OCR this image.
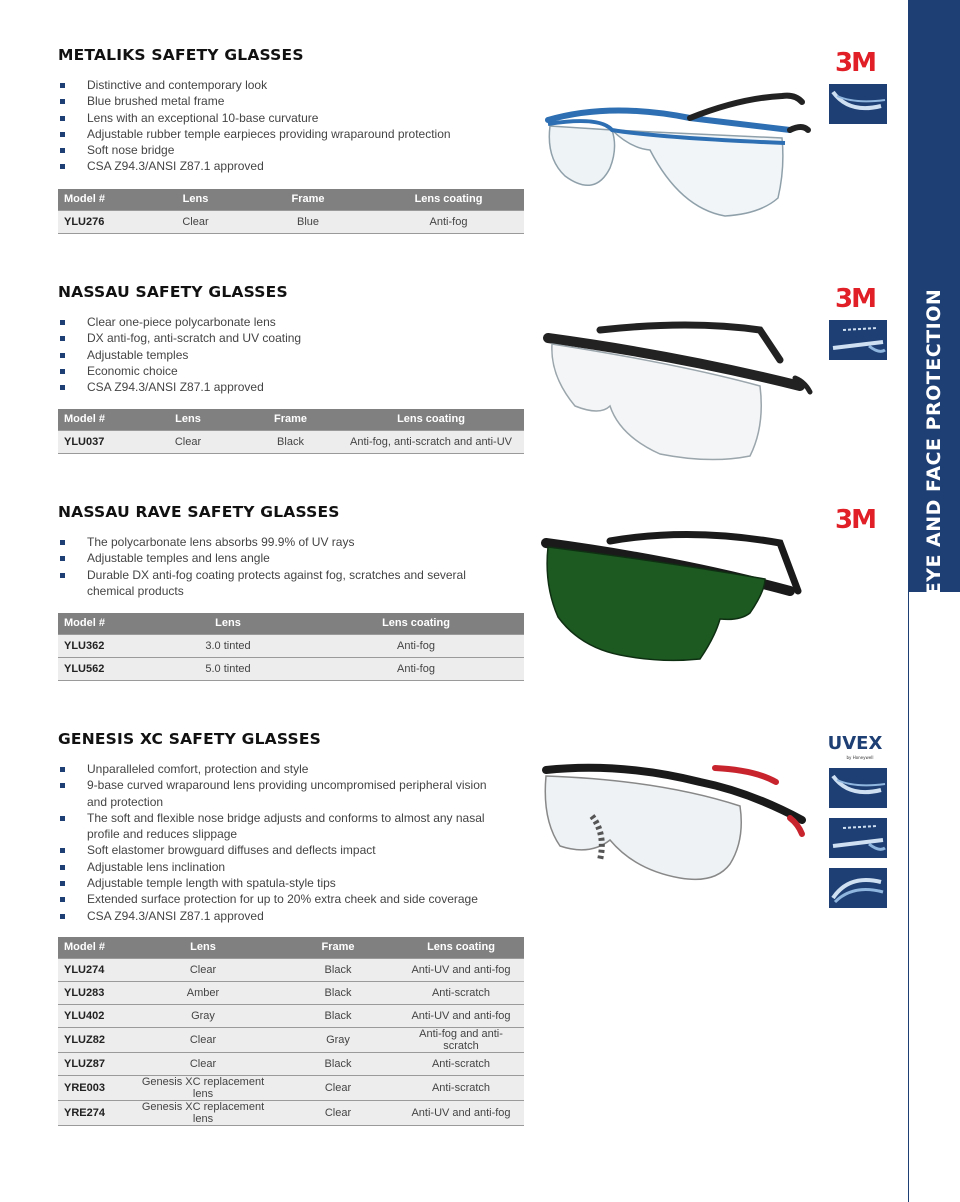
EYE AND FACE PROTECTION
METALIKS SAFETY GLASSES
Distinctive and contemporary look
Blue brushed metal frame
Lens with an exceptional 10-base curvature
Adjustable rubber temple earpieces providing wraparound protection
Soft nose bridge
CSA Z94.3/ANSI Z87.1 approved
Model #	Lens	Frame	Lens coating
YLU276	Clear	Blue	Anti-fog
NASSAU SAFETY GLASSES
Clear one-piece polycarbonate lens
DX anti-fog, anti-scratch and UV coating
Adjustable temples
Economic choice
CSA Z94.3/ANSI Z87.1 approved
Model #	Lens	Frame	Lens coating
YLU037	Clear	Black	Anti-fog, anti-scratch and anti-UV
NASSAU RAVE SAFETY GLASSES
The polycarbonate lens absorbs 99.9% of UV rays
Adjustable temples and lens angle
Durable DX anti-fog coating protects against fog, scratches and several chemical products
Model #	Lens	Lens coating
YLU362	3.0 tinted	Anti-fog
YLU562	5.0 tinted	Anti-fog
GENESIS XC SAFETY GLASSES
Unparalleled comfort, protection and style
9-base curved wraparound lens providing uncompromised peripheral vision and protection
The soft and flexible nose bridge adjusts and conforms to almost any nasal profile and reduces slippage
Soft elastomer browguard diffuses and deflects impact
Adjustable lens inclination
Adjustable temple length with spatula-style tips
Extended surface protection for up to 20% extra cheek and side coverage
CSA Z94.3/ANSI Z87.1 approved
Model #	Lens	Frame	Lens coating
YLU274	Clear	Black	Anti-UV and anti-fog
YLU283	Amber	Black	Anti-scratch
YLU402	Gray	Black	Anti-UV and anti-fog
YLUZ82	Clear	Gray	Anti-fog and anti-scratch
YLUZ87	Clear	Black	Anti-scratch
YRE003	Genesis XC replacement lens	Clear	Anti-scratch
YRE274	Genesis XC replacement lens	Clear	Anti-UV and anti-fog
3M
3M
3M
UVEX
by Honeywell
